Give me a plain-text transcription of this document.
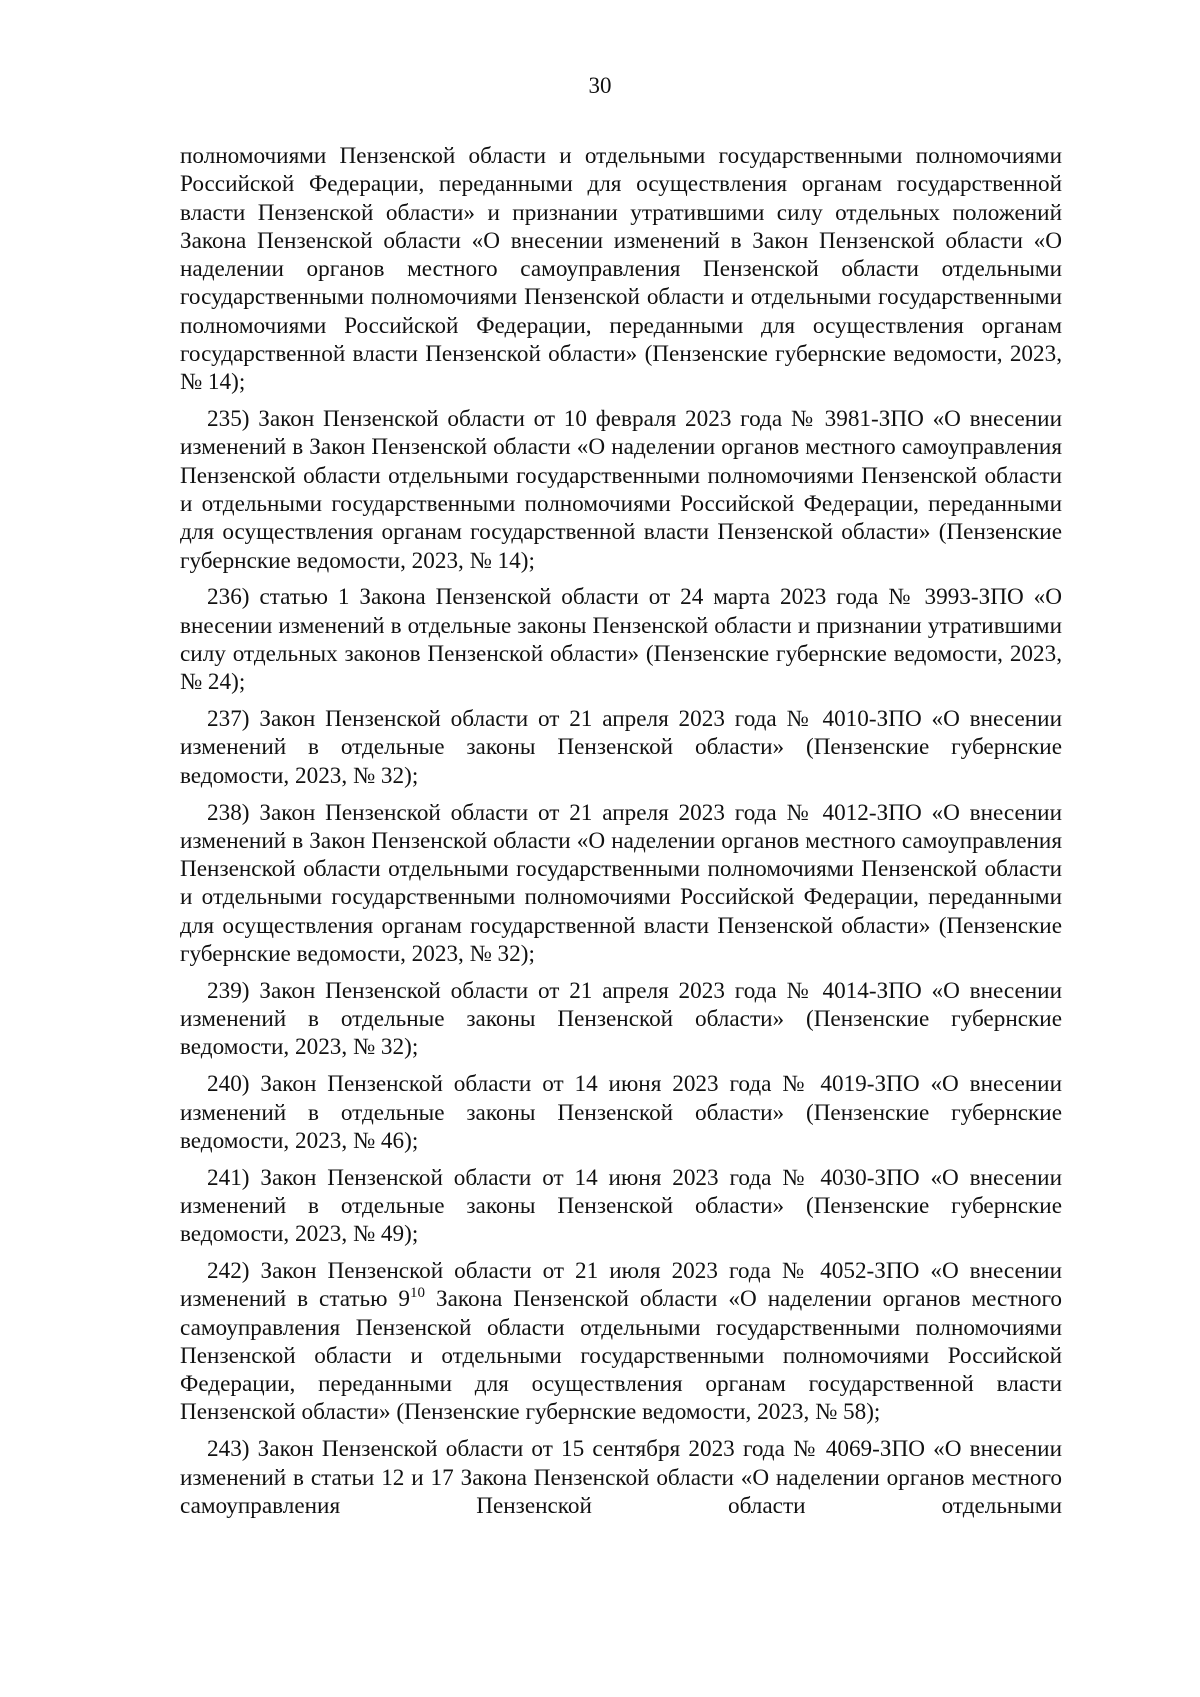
30

полномочиями Пензенской области и отдельными государственными полномочиями Российской Федерации, переданными для осуществления органам государственной власти Пензенской области» и признании утратившими силу отдельных положений Закона Пензенской области «О внесении изменений в Закон Пензенской области «О наделении органов местного самоуправления Пензенской области отдельными государственными полномочиями Пензенской области и отдельными государственными полномочиями Российской Федерации, переданными для осуществления органам государственной власти Пензенской области» (Пензенские губернские ведомости, 2023, № 14);

235) Закон Пензенской области от 10 февраля 2023 года № 3981-ЗПО «О внесении изменений в Закон Пензенской области «О наделении органов местного самоуправления Пензенской области отдельными государственными полномочиями Пензенской области и отдельными государственными полномочиями Российской Федерации, переданными для осуществления органам государственной власти Пензенской области» (Пензенские губернские ведомости, 2023, № 14);

236) статью 1 Закона Пензенской области от 24 марта 2023 года № 3993-ЗПО «О внесении изменений в отдельные законы Пензенской области и признании утратившими силу отдельных законов Пензенской области» (Пензенские губернские ведомости, 2023, № 24);

237) Закон Пензенской области от 21 апреля 2023 года № 4010-ЗПО «О внесении изменений в отдельные законы Пензенской области» (Пензенские губернские ведомости, 2023, № 32);

238) Закон Пензенской области от 21 апреля 2023 года № 4012-ЗПО «О внесении изменений в Закон Пензенской области «О наделении органов местного самоуправления Пензенской области отдельными государственными полномочиями Пензенской области и отдельными государственными полномочиями Российской Федерации, переданными для осуществления органам государственной власти Пензенской области» (Пензенские губернские ведомости, 2023, № 32);

239) Закон Пензенской области от 21 апреля 2023 года № 4014-ЗПО «О внесении изменений в отдельные законы Пензенской области» (Пензенские губернские ведомости, 2023, № 32);

240) Закон Пензенской области от 14 июня 2023 года № 4019-ЗПО «О внесении изменений в отдельные законы Пензенской области» (Пензенские губернские ведомости, 2023, № 46);

241) Закон Пензенской области от 14 июня 2023 года № 4030-ЗПО «О внесении изменений в отдельные законы Пензенской области» (Пензенские губернские ведомости, 2023, № 49);

242) Закон Пензенской области от 21 июля 2023 года № 4052-ЗПО «О внесении изменений в статью $9^{10}$ Закона Пензенской области «О наделении органов местного самоуправления Пензенской области отдельными государственными полномочиями Пензенской области и отдельными государственными полномочиями Российской Федерации, переданными для осуществления органам государственной власти Пензенской области» (Пензенские губернские ведомости, 2023, № 58);

243) Закон Пензенской области от 15 сентября 2023 года № 4069-ЗПО «О внесении изменений в статьи 12 и 17 Закона Пензенской области «О наделении органов местного самоуправления Пензенской области отдельными
